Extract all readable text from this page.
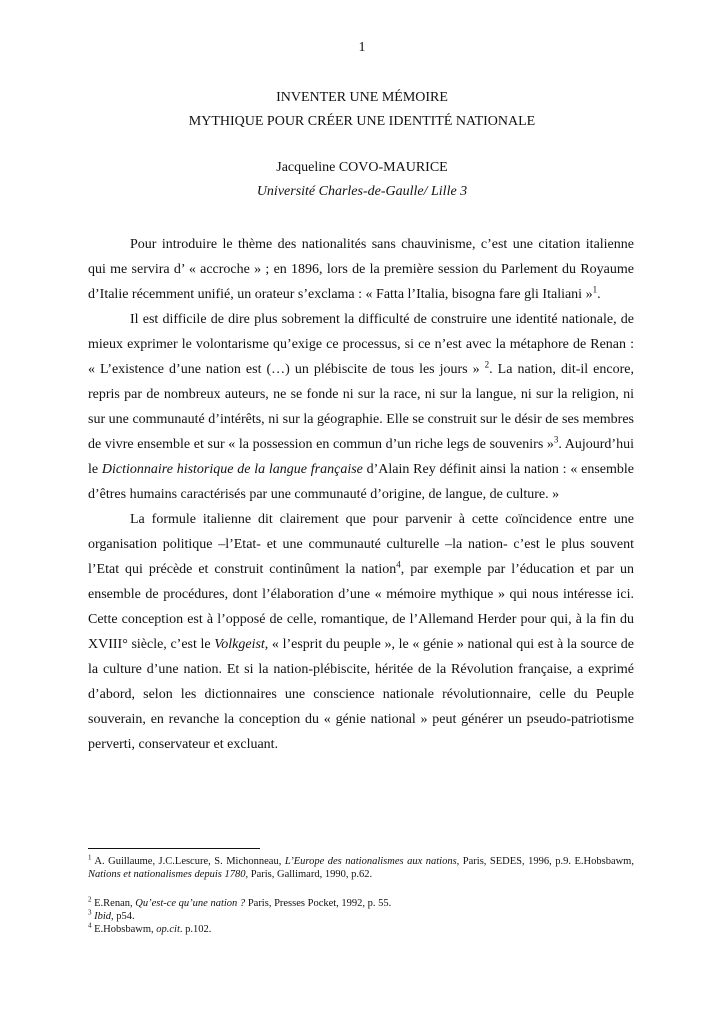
1
INVENTER UNE MÉMOIRE
MYTHIQUE POUR CRÉER UNE IDENTITÉ NATIONALE
Jacqueline COVO-MAURICE
Université Charles-de-Gaulle/ Lille 3

Pour introduire le thème des nationalités sans chauvinisme, c’est une citation italienne qui me servira d’ « accroche » ; en 1896, lors de la première session du Parlement du Royaume d’Italie récemment unifié, un orateur s’exclama : « Fatta l’Italia, bisogna fare gli Italiani »$^1$.

Il est difficile de dire plus sobrement la difficulté de construire une identité nationale, de mieux exprimer le volontarisme qu’exige ce processus, si ce n’est avec la métaphore de Renan : « L’existence d’une nation est (…) un plébiscite de tous les jours » $^2$. La nation, dit-il encore, repris par de nombreux auteurs, ne se fonde ni sur la race, ni sur la langue, ni sur la religion, ni sur une communauté d’intérêts, ni sur la géographie. Elle se construit sur le désir de ses membres de vivre ensemble et sur « la possession en commun d’un riche legs de souvenirs »$^3$. Aujourd’hui le Dictionnaire historique de la langue française d’Alain Rey définit ainsi la nation : « ensemble d’êtres humains caractérisés par une communauté d’origine, de langue, de culture. »

La formule italienne dit clairement que pour parvenir à cette coïncidence entre une organisation politique –l’Etat- et une communauté culturelle –la nation- c’est le plus souvent l’Etat qui précède et construit continûment la nation$^4$, par exemple par l’éducation et par un ensemble de procédures, dont l’élaboration d’une « mémoire mythique » qui nous intéresse ici. Cette conception est à l’opposé de celle, romantique, de l’Allemand Herder pour qui, à la fin du XVIII° siècle, c’est le Volkgeist, « l’esprit du peuple », le « génie » national qui est à la source de la culture d’une nation. Et si la nation-plébiscite, héritée de la Révolution française, a exprimé d’abord, selon les dictionnaires une conscience nationale révolutionnaire, celle du Peuple souverain, en revanche la conception du « génie national » peut générer un pseudo-patriotisme perverti, conservateur et excluant.

$^1$ A. Guillaume, J.C.Lescure, S. Michonneau, L’Europe des nationalismes aux nations, Paris, SEDES, 1996, p.9. E.Hobsbawm, Nations et nationalismes depuis 1780, Paris, Gallimard, 1990, p.62.

$^2$ E.Renan, Qu’est-ce qu’une nation ? Paris, Presses Pocket, 1992, p. 55.

$^3$ Ibid, p54.

$^4$ E.Hobsbawm, op.cit. p.102.
